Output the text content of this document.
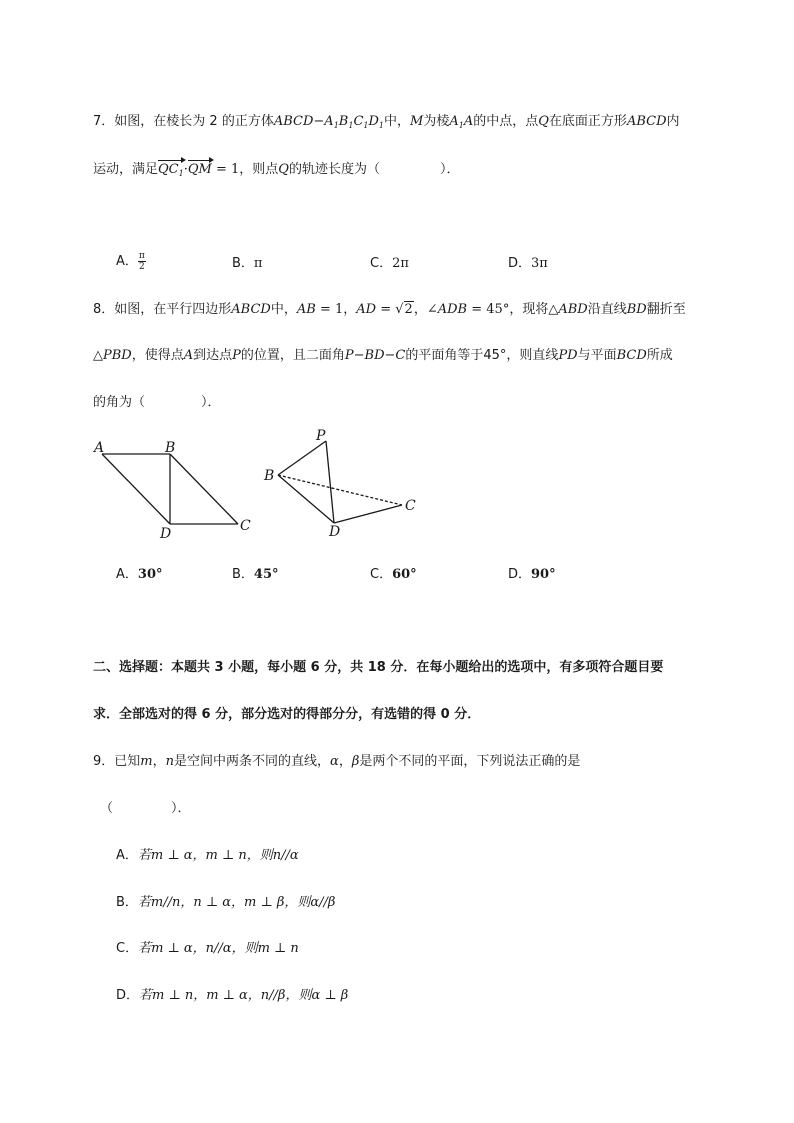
7．如图，在棱长为 2 的正方体$ABCD-A_1B_1C_1D_1$中，M为棱$A_1A$的中点，点Q在底面正方形ABCD内
运动，满足$QC_1\cdot QM = 1$，则点Q的轨迹长度为（	）．
A． $\frac{\pi}{2}$	B．π	C．2π	D．3π
8．如图，在平行四边形ABCD中，AB = 1，AD = √2，∠ADB = 45°，现将△ABD沿直线BD翻折至
△PBD，使得点A到达点P的位置，且二面角P−BD−C的平面角等于45°，则直线PD与平面BCD所成
的角为（	）．
A	B
C
D
P
B
C
D
A．30°	B．45°	C．60°	D．90°
二、选择题：本题共 3 小题，每小题 6 分，共 18 分．在每小题给出的选项中，有多项符合题目要
求．全部选对的得 6 分，部分选对的得部分分，有选错的得 0 分．
9．已知m，n是空间中两条不同的直线，α，β是两个不同的平面，下列说法正确的是
（	）．
A．若m ⊥ α，m ⊥ n，则n//α
B．若m//n，n ⊥ α，m ⊥ β，则α//β
C．若m ⊥ α，n//α，则m ⊥ n
D．若m ⊥ n，m ⊥ α，n//β，则α ⊥ β
